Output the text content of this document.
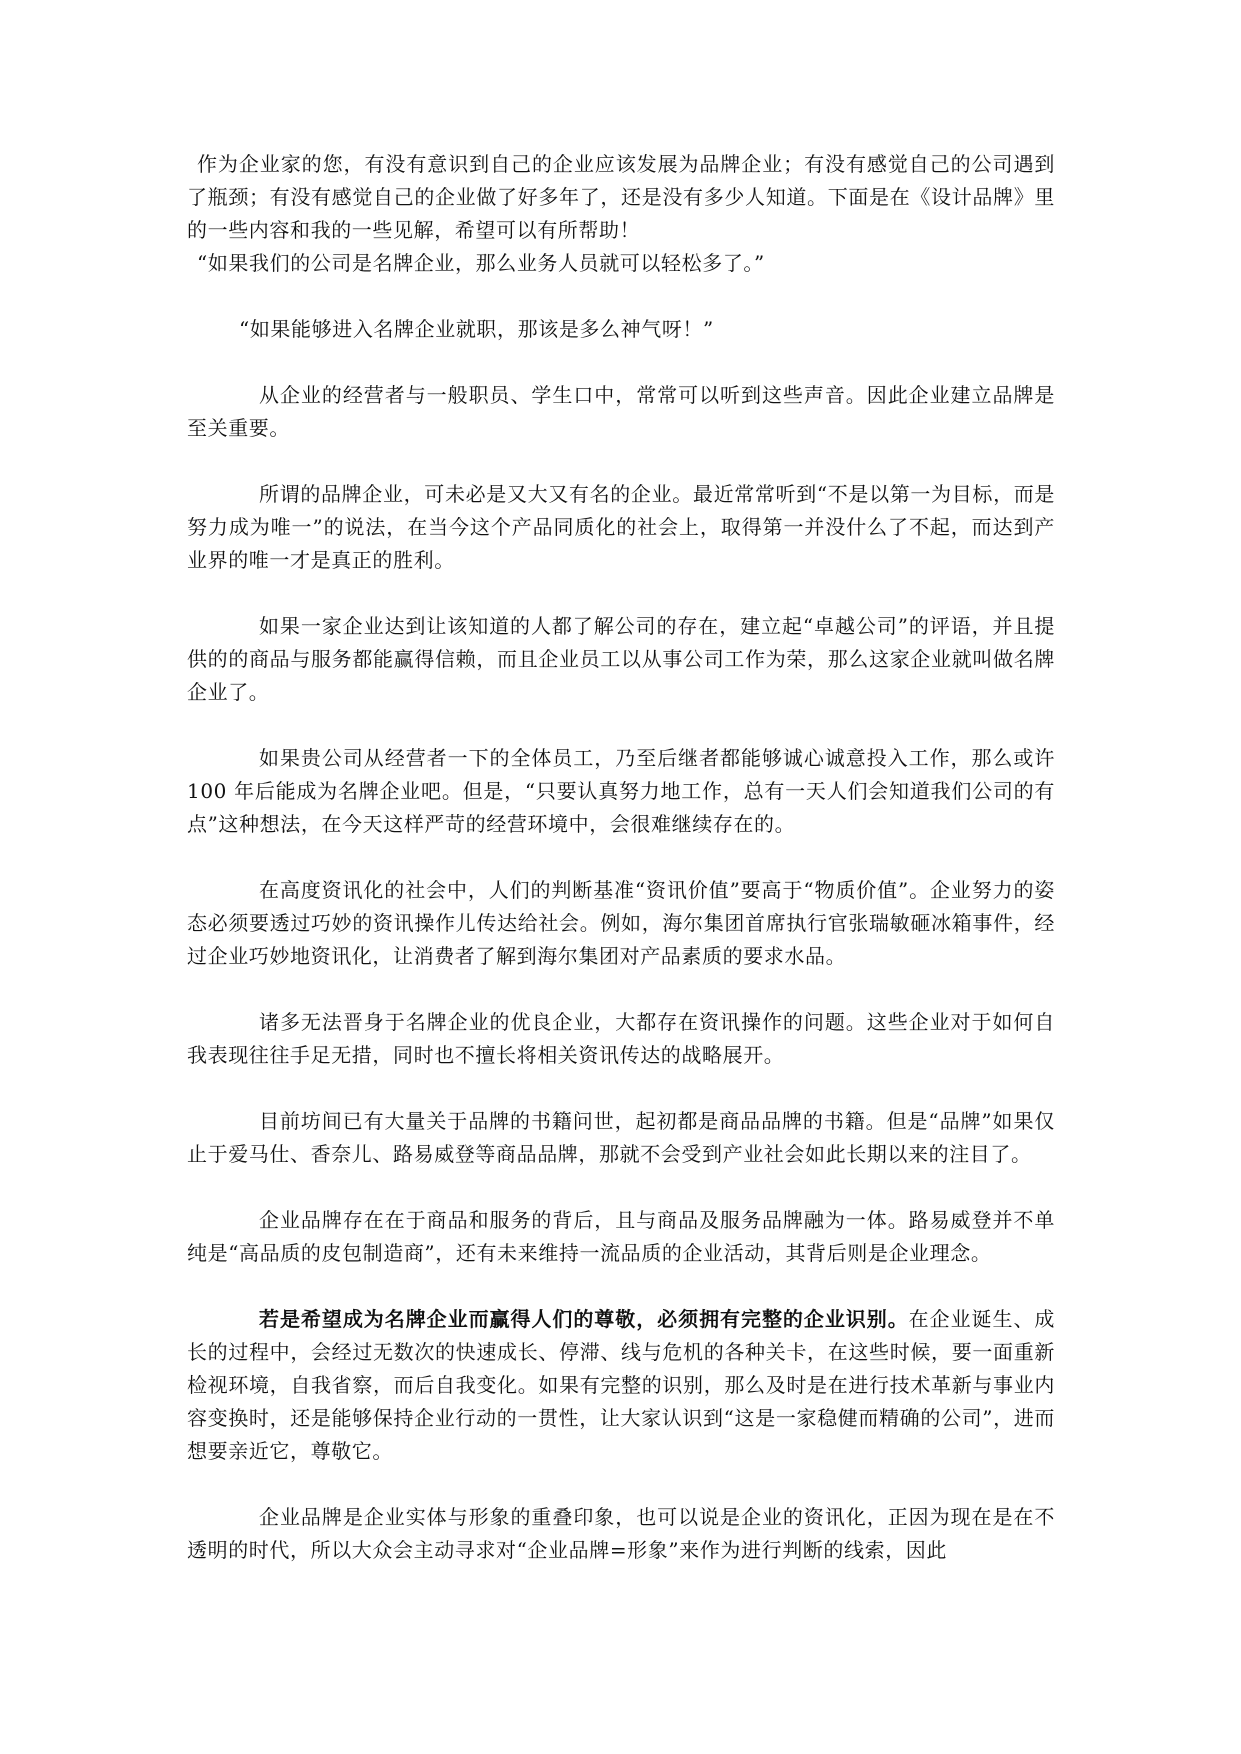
作为企业家的您，有没有意识到自己的企业应该发展为品牌企业；有没有感觉自己的公司遇到了瓶颈；有没有感觉自己的企业做了好多年了，还是没有多少人知道。下面是在《设计品牌》里的一些内容和我的一些见解，希望可以有所帮助！

“如果我们的公司是名牌企业，那么业务人员就可以轻松多了。”

“如果能够进入名牌企业就职，那该是多么神气呀！”

从企业的经营者与一般职员、学生口中，常常可以听到这些声音。因此企业建立品牌是至关重要。

所谓的品牌企业，可未必是又大又有名的企业。最近常常听到“不是以第一为目标，而是努力成为唯一”的说法，在当今这个产品同质化的社会上，取得第一并没什么了不起，而达到产业界的唯一才是真正的胜利。

如果一家企业达到让该知道的人都了解公司的存在，建立起“卓越公司”的评语，并且提供的的商品与服务都能赢得信赖，而且企业员工以从事公司工作为荣，那么这家企业就叫做名牌企业了。

如果贵公司从经营者一下的全体员工，乃至后继者都能够诚心诚意投入工作，那么或许 100 年后能成为名牌企业吧。但是，“只要认真努力地工作，总有一天人们会知道我们公司的有点”这种想法，在今天这样严苛的经营环境中，会很难继续存在的。

在高度资讯化的社会中，人们的判断基准“资讯价值”要高于“物质价值”。企业努力的姿态必须要透过巧妙的资讯操作儿传达给社会。例如，海尔集团首席执行官张瑞敏砸冰箱事件，经过企业巧妙地资讯化，让消费者了解到海尔集团对产品素质的要求水品。

诸多无法晋身于名牌企业的优良企业，大都存在资讯操作的问题。这些企业对于如何自我表现往往手足无措，同时也不擅长将相关资讯传达的战略展开。

目前坊间已有大量关于品牌的书籍问世，起初都是商品品牌的书籍。但是“品牌”如果仅止于爱马仕、香奈儿、路易威登等商品品牌，那就不会受到产业社会如此长期以来的注目了。

企业品牌存在在于商品和服务的背后，且与商品及服务品牌融为一体。路易威登并不单纯是“高品质的皮包制造商”，还有未来维持一流品质的企业活动，其背后则是企业理念。

若是希望成为名牌企业而赢得人们的尊敬，必须拥有完整的企业识别。在企业诞生、成长的过程中，会经过无数次的快速成长、停滞、线与危机的各种关卡，在这些时候，要一面重新检视环境，自我省察，而后自我变化。如果有完整的识别，那么及时是在进行技术革新与事业内容变换时，还是能够保持企业行动的一贯性，让大家认识到“这是一家稳健而精确的公司”，进而想要亲近它，尊敬它。

企业品牌是企业实体与形象的重叠印象，也可以说是企业的资讯化，正因为现在是在不透明的时代，所以大众会主动寻求对“企业品牌=形象”来作为进行判断的线索，因此
